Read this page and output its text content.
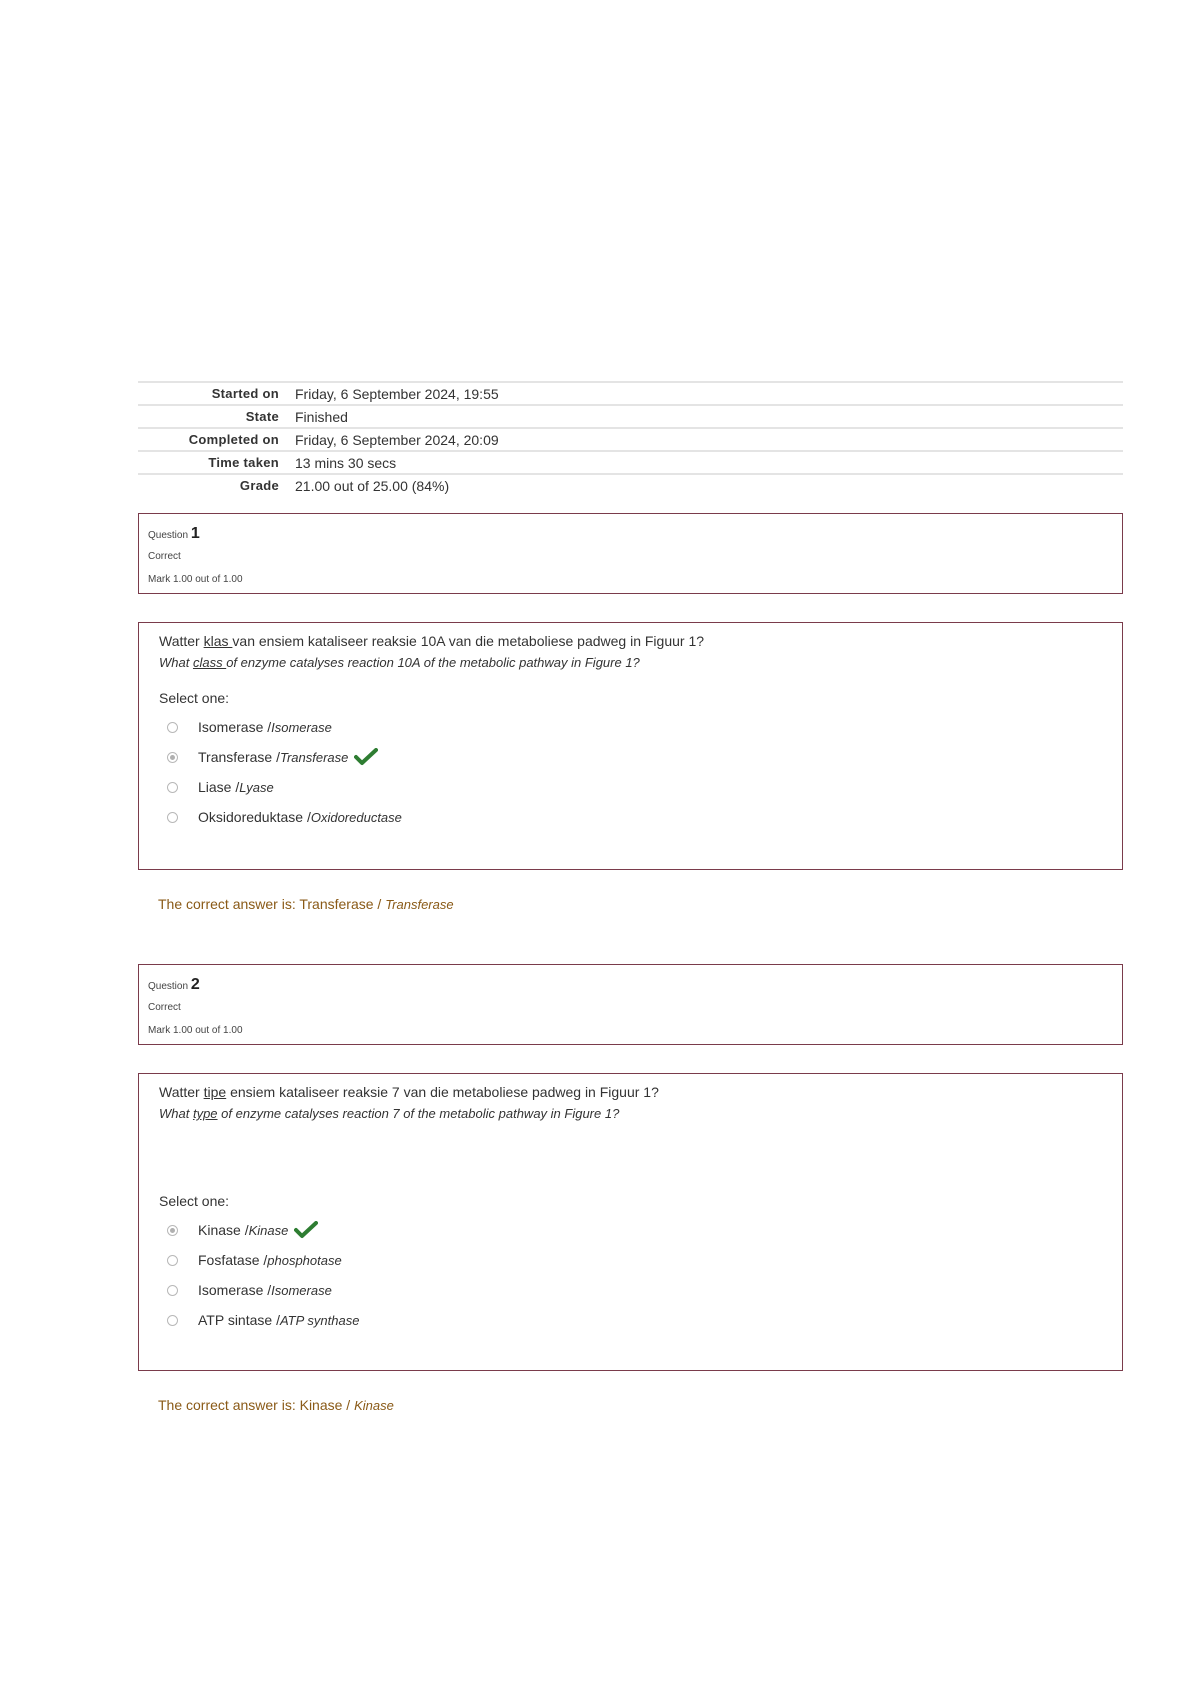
Started on	Friday, 6 September 2024, 19:55
State	Finished
Completed on	Friday, 6 September 2024, 20:09
Time taken	13 mins 30 secs
Grade	21.00 out of 25.00 (84%)
Question 1
Correct
Mark 1.00 out of 1.00
Watter klas van ensiem kataliseer reaksie 10A van die metaboliese padweg in Figuur 1?
What class of enzyme catalyses reaction 10A of the metabolic pathway in Figure 1?
Select one:
Isomerase / Isomerase
Transferase / Transferase
Liase / Lyase
Oksidoreduktase / Oxidoreductase
The correct answer is: Transferase / Transferase
Question 2
Correct
Mark 1.00 out of 1.00
Watter tipe ensiem kataliseer reaksie 7 van die metaboliese padweg in Figuur 1?
What type of enzyme catalyses reaction 7 of the metabolic pathway in Figure 1?
Select one:
Kinase / Kinase
Fosfatase / phosphotase
Isomerase / Isomerase
ATP sintase / ATP synthase
The correct answer is: Kinase / Kinase
